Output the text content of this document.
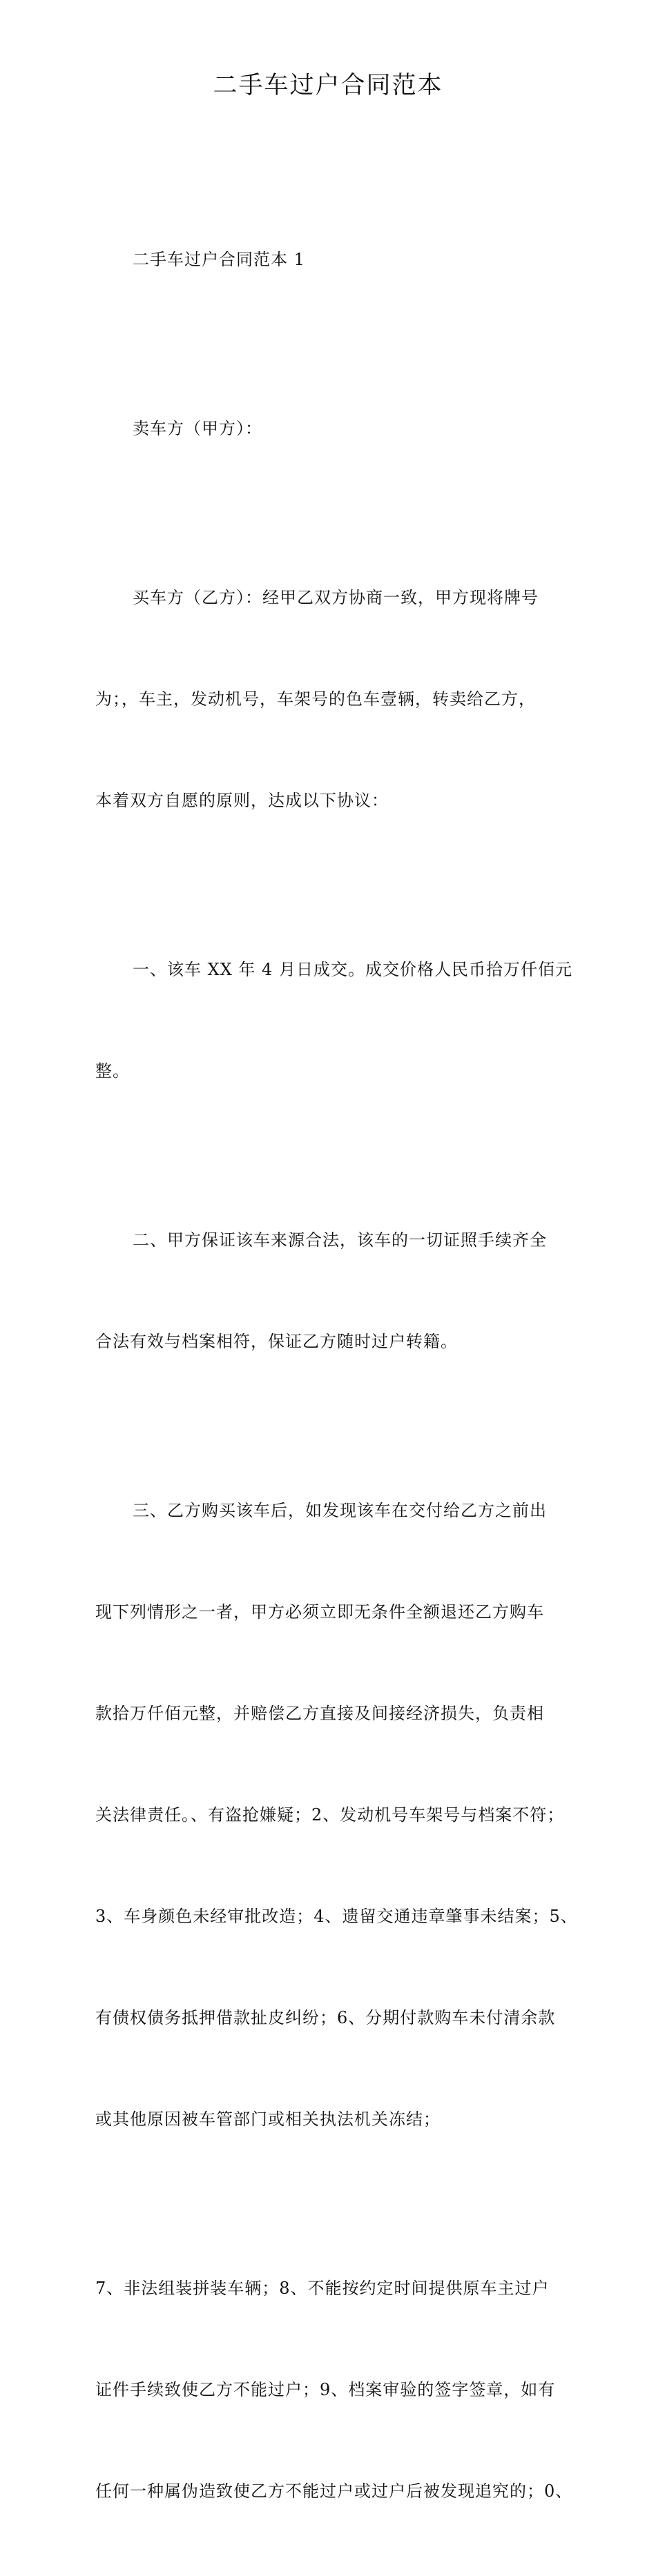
二手车过户合同范本

二手车过户合同范本 1

卖车方（甲方）：

买车方（乙方）：经甲乙双方协商一致，甲方现将牌号

为；，车主，发动机号，车架号的色车壹辆，转卖给乙方，

本着双方自愿的原则，达成以下协议：

一、该车 XX 年 4 月日成交。成交价格人民币拾万仟佰元

整。

二、甲方保证该车来源合法，该车的一切证照手续齐全

合法有效与档案相符，保证乙方随时过户转籍。

三、乙方购买该车后，如发现该车在交付给乙方之前出

现下列情形之一者，甲方必须立即无条件全额退还乙方购车

款拾万仟佰元整，并赔偿乙方直接及间接经济损失，负责相

关法律责任。、有盗抢嫌疑；2、发动机号车架号与档案不符；

3、车身颜色未经审批改造；4、遗留交通违章肇事未结案；5、

有债权债务抵押借款扯皮纠纷；6、分期付款购车未付清余款

或其他原因被车管部门或相关执法机关冻结；

7、非法组装拼装车辆；8、不能按约定时间提供原车主过户

证件手续致使乙方不能过户；9、档案审验的签字签章，如有

任何一种属伪造致使乙方不能过户或过户后被发现追究的；0、
